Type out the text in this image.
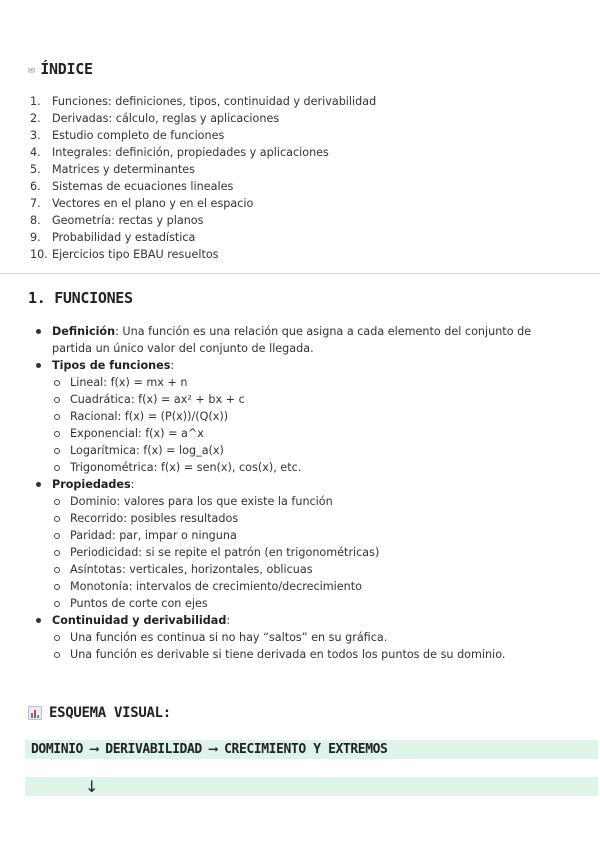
✉ ÍNDICE
1.	Funciones: definiciones, tipos, continuidad y derivabilidad
2.	Derivadas: cálculo, reglas y aplicaciones
3.	Estudio completo de funciones
4.	Integrales: definición, propiedades y aplicaciones
5.	Matrices y determinantes
6.	Sistemas de ecuaciones lineales
7.	Vectores en el plano y en el espacio
8.	Geometría: rectas y planos
9.	Probabilidad y estadística
10. Ejercicios tipo EBAU resueltos
1. FUNCIONES
Definición: Una función es una relación que asigna a cada elemento del conjunto de partida un único valor del conjunto de llegada.
Tipos de funciones:
Lineal: f(x) = mx + n
Cuadrática: f(x) = ax² + bx + c
Racional: f(x) = (P(x))/(Q(x))
Exponencial: f(x) = a^x
Logarítmica: f(x) = log_a(x)
Trigonométrica: f(x) = sen(x), cos(x), etc.
Propiedades:
Dominio: valores para los que existe la función
Recorrido: posibles resultados
Paridad: par, impar o ninguna
Periodicidad: si se repite el patrón (en trigonométricas)
Asíntotas: verticales, horizontales, oblicuas
Monotonía: intervalos de crecimiento/decrecimiento
Puntos de corte con ejes
Continuidad y derivabilidad:
Una función es continua si no hay “saltos” en su gráfica.
Una función es derivable si tiene derivada en todos los puntos de su dominio.
ESQUEMA VISUAL:
DOMINIO ⟶ DERIVABILIDAD ⟶ CRECIMIENTO Y EXTREMOS
↓
